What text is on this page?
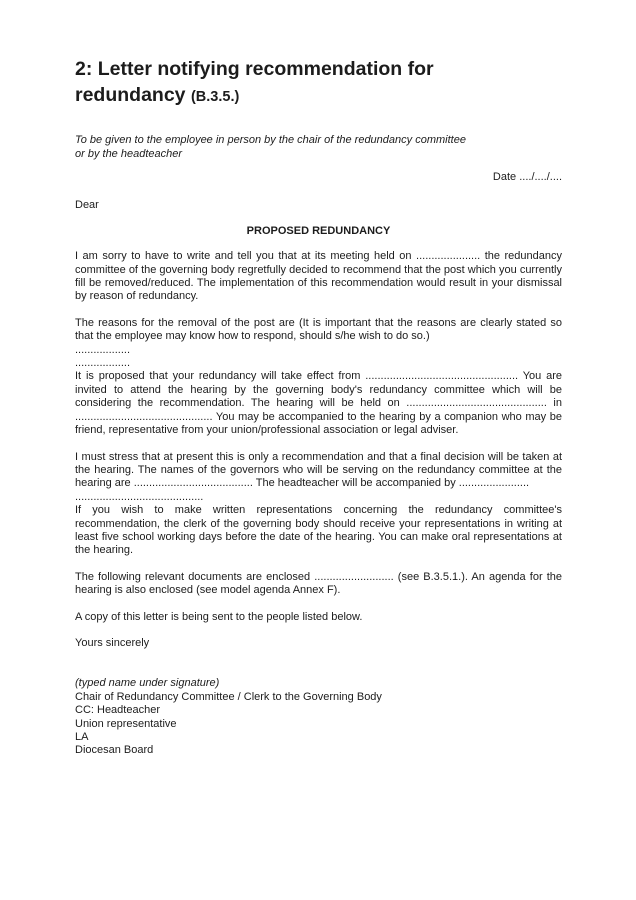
2: Letter notifying recommendation for
redundancy (B.3.5.)
To be given to the employee in person by the chair of the redundancy committee
or by the headteacher
Date ..../..../....
Dear
PROPOSED REDUNDANCY
I am sorry to have to write and tell you that at its meeting held on ..................... the redundancy committee of the governing body regretfully decided to recommend that the post which you currently fill be removed/reduced. The implementation of this recommendation would result in your dismissal by reason of redundancy.
The reasons for the removal of the post are (It is important that the reasons are clearly stated so that the employee may know how to respond, should s/he wish to do so.)
..................
..................
It is proposed that your redundancy will take effect from .................................................. You are invited to attend the hearing by the governing body's redundancy committee which will be considering the recommendation. The hearing will be held on .............................................. in ............................................. You may be accompanied to the hearing by a companion who may be friend, representative from your union/professional association or legal adviser.
I must stress that at present this is only a recommendation and that a final decision will be taken at the hearing. The names of the governors who will be serving on the redundancy committee at the hearing are ....................................... The headteacher will be accompanied by .......................
..........................................
If you wish to make written representations concerning the redundancy committee's recommendation, the clerk of the governing body should receive your representations in writing at least five school working days before the date of the hearing. You can make oral representations at the hearing.
The following relevant documents are enclosed .......................... (see B.3.5.1.). An agenda for the hearing is also enclosed (see model agenda Annex F).
A copy of this letter is being sent to the people listed below.
Yours sincerely
(typed name under signature)
Chair of Redundancy Committee / Clerk to the Governing Body
CC: Headteacher
Union representative
LA
Diocesan Board
